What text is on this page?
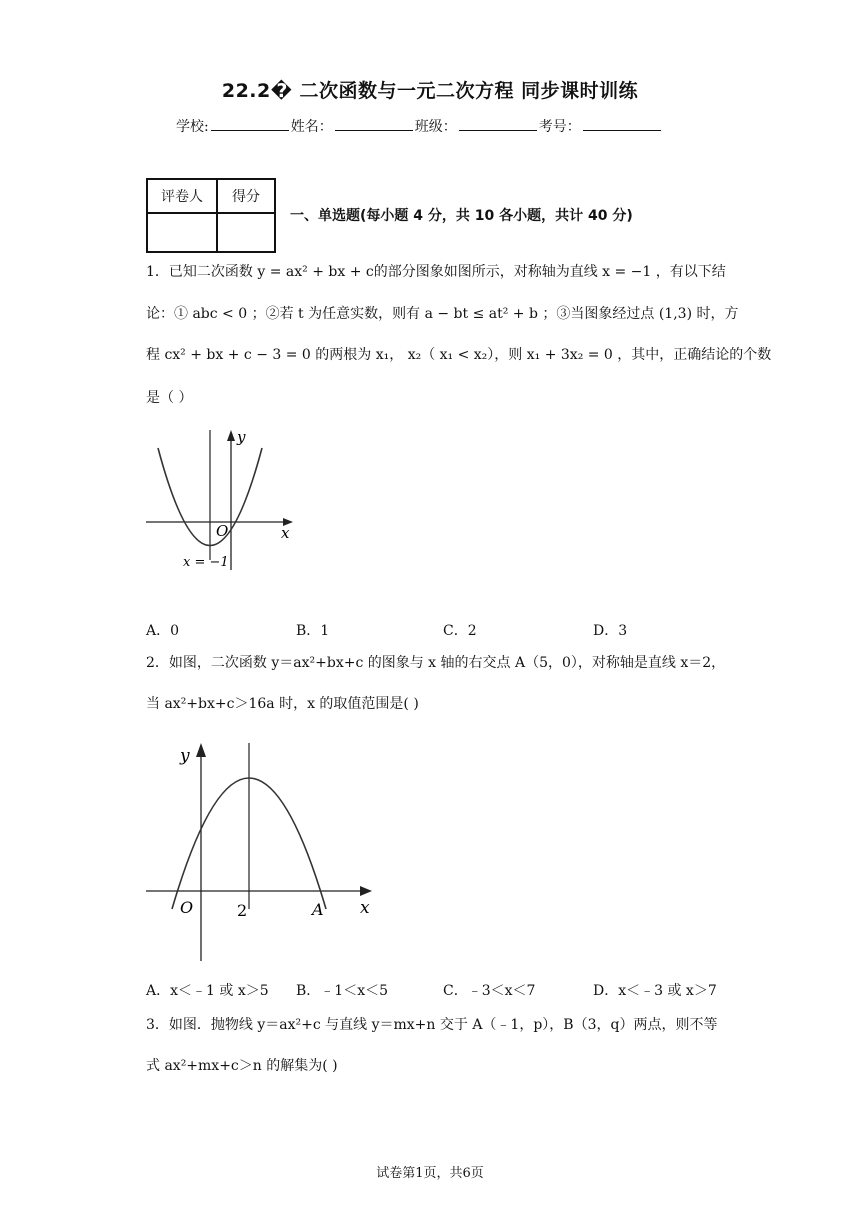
22.2� 二次函数与一元二次方程 同步课时训练
学校:	姓名：	班级：	考号：
评卷人	得分

一、单选题(每小题 4 分，共 10 各小题，共计 40 分)
1．已知二次函数 y = ax² + bx + c的部分图象如图所示，对称轴为直线 x = −1 ，有以下结
论：① abc < 0 ；②若 t 为任意实数，则有 a − bt ≤ at² + b ；③当图象经过点 (1,3) 时，方
程 cx² + bx + c − 3 = 0 的两根为 x₁， x₂（ x₁ < x₂），则 x₁ + 3x₂ = 0 ，其中，正确结论的个数
是（ ）
y
x
O
x = −1
A．0	B．1	C．2	D．3
2．如图，二次函数 y＝ax²+bx+c 的图象与 x 轴的右交点 A（5，0），对称轴是直线 x＝2，
当 ax²+bx+c＞16a 时，x 的取值范围是( )
y
x
O	2	A
A．x＜﹣1 或 x＞5 B．﹣1＜x＜5	C．﹣3＜x＜7	D．x＜﹣3 或 x＞7
3．如图．抛物线 y＝ax²+c 与直线 y＝mx+n 交于 A（﹣1，p），B（3，q）两点，则不等
式 ax²+mx+c＞n 的解集为( )
试卷第1页，共6页
